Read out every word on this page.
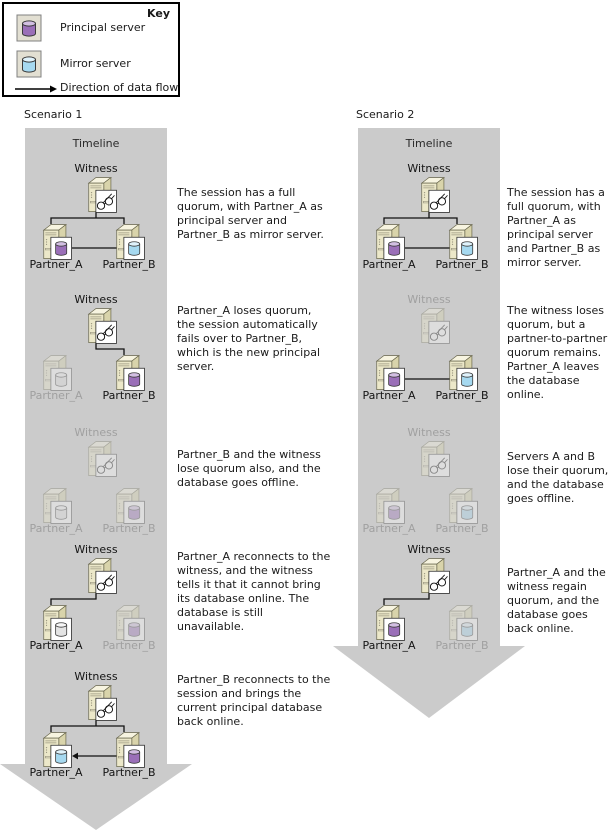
Key
Principal server
Mirror server
Direction of data flow
Scenario 1	Scenario 2
Timeline	Timeline
The session has a full quorum, with Partner_A as principal server and Partner_B as mirror server.
Partner_A loses quorum, the session automatically fails over to Partner_B, which is the new principal server.
Partner_B and the witness lose quorum also, and the database goes offline.
Partner_A reconnects to the witness, and the witness tells it that it cannot bring its database online. The database is still unavailable.
Partner_B reconnects to the session and brings the current principal database back online.
The session has a full quorum, with Partner_A as principal server and Partner_B as mirror server.
The witness loses quorum, but a partner-to-partner quorum remains. Partner_A leaves the database online.
Servers A and B lose their quorum, and the database goes offline.
Partner_A and the witness regain quorum, and the database goes back online.
Witness
Partner_A	Partner_B
Witness
Partner_A	Partner_B
Witness
Partner_A	Partner_B
Witness
Partner_A	Partner_B
Witness
Partner_A	Partner_B
Witness
Partner_A	Partner_B
Witness
Partner_A	Partner_B
Witness
Partner_A	Partner_B
Witness
Partner_A	Partner_B
